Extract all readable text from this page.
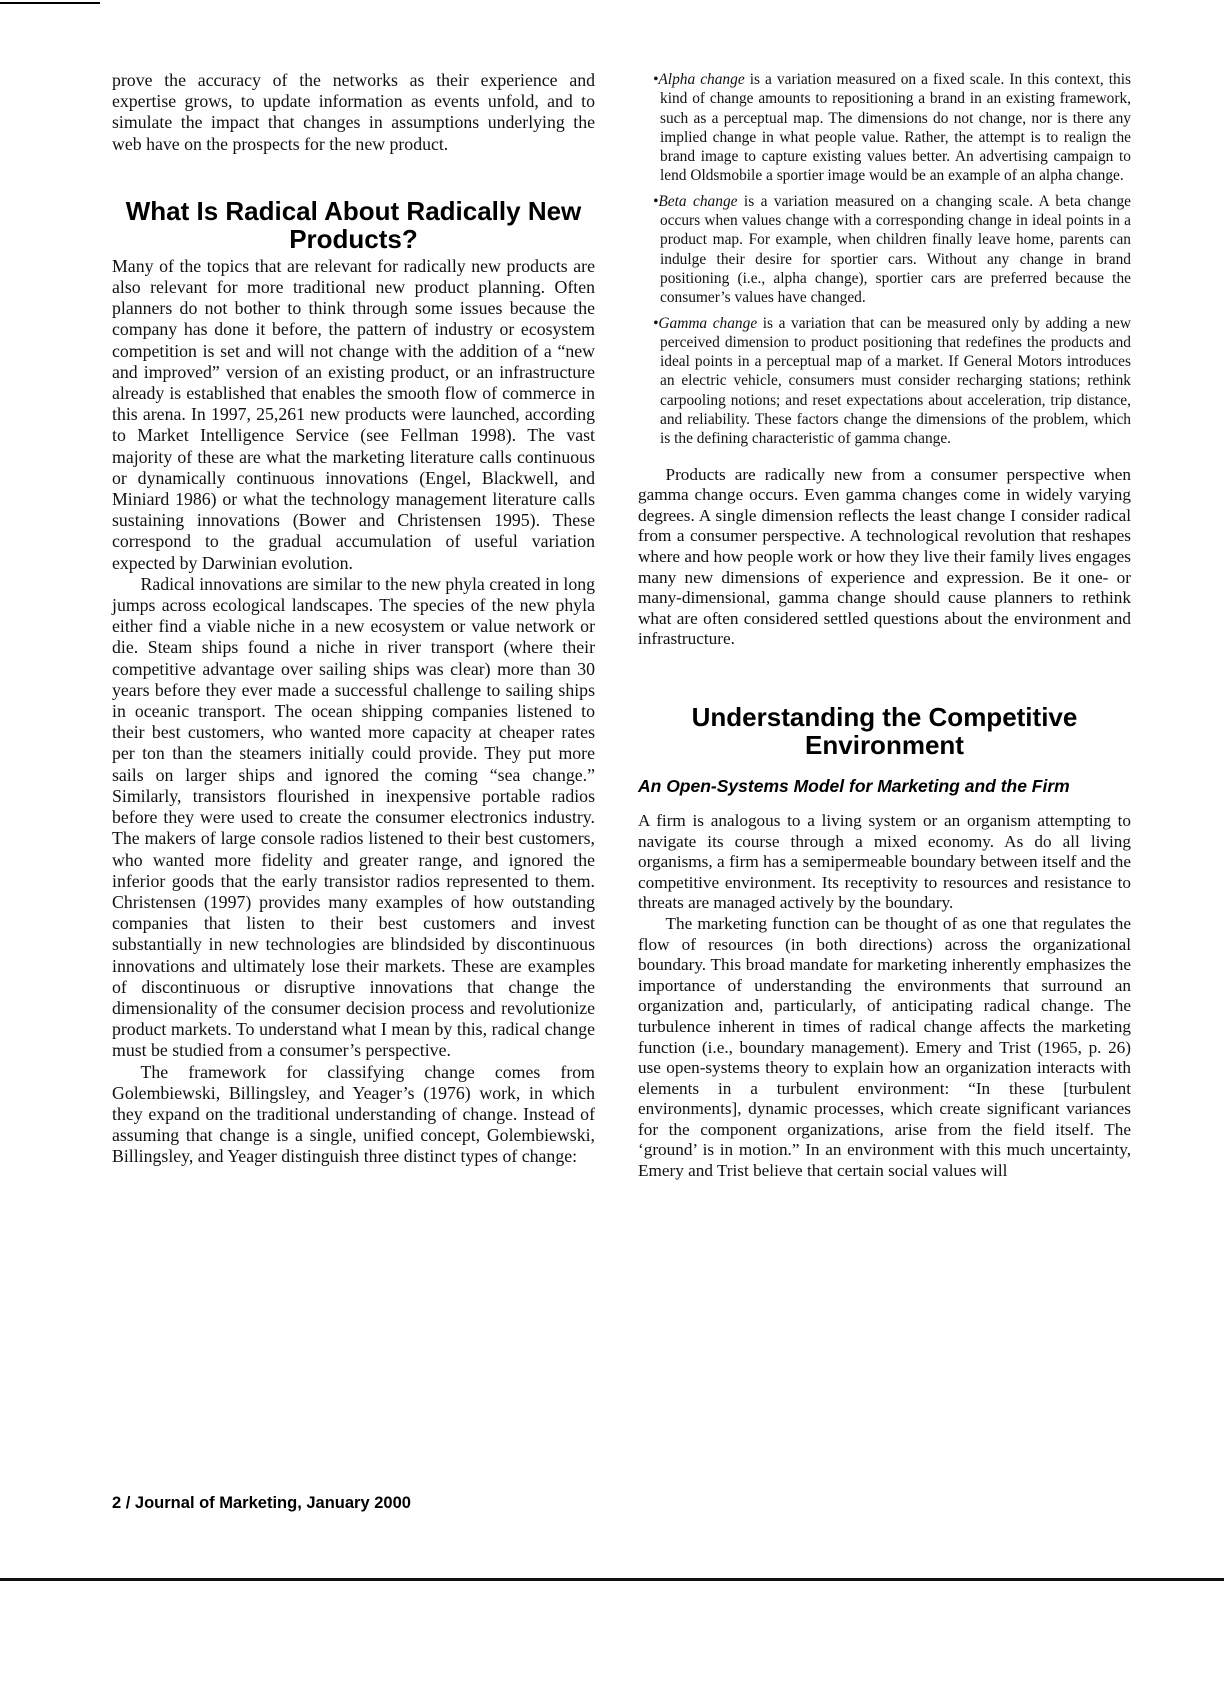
prove the accuracy of the networks as their experience and expertise grows, to update information as events unfold, and to simulate the impact that changes in assumptions underlying the web have on the prospects for the new product.

What Is Radical About Radically New Products?

Many of the topics that are relevant for radically new products are also relevant for more traditional new product planning. Often planners do not bother to think through some issues because the company has done it before, the pattern of industry or ecosystem competition is set and will not change with the addition of a “new and improved” version of an existing product, or an infrastructure already is established that enables the smooth flow of commerce in this arena. In 1997, 25,261 new products were launched, according to Market Intelligence Service (see Fellman 1998). The vast majority of these are what the marketing literature calls continuous or dynamically continuous innovations (Engel, Blackwell, and Miniard 1986) or what the technology management literature calls sustaining innovations (Bower and Christensen 1995). These correspond to the gradual accumulation of useful variation expected by Darwinian evolution.

Radical innovations are similar to the new phyla created in long jumps across ecological landscapes. The species of the new phyla either find a viable niche in a new ecosystem or value network or die. Steam ships found a niche in river transport (where their competitive advantage over sailing ships was clear) more than 30 years before they ever made a successful challenge to sailing ships in oceanic transport. The ocean shipping companies listened to their best customers, who wanted more capacity at cheaper rates per ton than the steamers initially could provide. They put more sails on larger ships and ignored the coming “sea change.” Similarly, transistors flourished in inexpensive portable radios before they were used to create the consumer electronics industry. The makers of large console radios listened to their best customers, who wanted more fidelity and greater range, and ignored the inferior goods that the early transistor radios represented to them. Christensen (1997) provides many examples of how outstanding companies that listen to their best customers and invest substantially in new technologies are blindsided by discontinuous innovations and ultimately lose their markets. These are examples of discontinuous or disruptive innovations that change the dimensionality of the consumer decision process and revolutionize product markets. To understand what I mean by this, radical change must be studied from a consumer’s perspective.

The framework for classifying change comes from Golembiewski, Billingsley, and Yeager’s (1976) work, in which they expand on the traditional understanding of change. Instead of assuming that change is a single, unified concept, Golembiewski, Billingsley, and Yeager distinguish three distinct types of change:

•Alpha change is a variation measured on a fixed scale. In this context, this kind of change amounts to repositioning a brand in an existing framework, such as a perceptual map. The dimensions do not change, nor is there any implied change in what people value. Rather, the attempt is to realign the brand image to capture existing values better. An advertising campaign to lend Oldsmobile a sportier image would be an example of an alpha change.
•Beta change is a variation measured on a changing scale. A beta change occurs when values change with a corresponding change in ideal points in a product map. For example, when children finally leave home, parents can indulge their desire for sportier cars. Without any change in brand positioning (i.e., alpha change), sportier cars are preferred because the consumer’s values have changed.
•Gamma change is a variation that can be measured only by adding a new perceived dimension to product positioning that redefines the products and ideal points in a perceptual map of a market. If General Motors introduces an electric vehicle, consumers must consider recharging stations; rethink carpooling notions; and reset expectations about acceleration, trip distance, and reliability. These factors change the dimensions of the problem, which is the defining characteristic of gamma change.

Products are radically new from a consumer perspective when gamma change occurs. Even gamma changes come in widely varying degrees. A single dimension reflects the least change I consider radical from a consumer perspective. A technological revolution that reshapes where and how people work or how they live their family lives engages many new dimensions of experience and expression. Be it one- or many-dimensional, gamma change should cause planners to rethink what are often considered settled questions about the environment and infrastructure.

Understanding the Competitive Environment
An Open-Systems Model for Marketing and the Firm

A firm is analogous to a living system or an organism attempting to navigate its course through a mixed economy. As do all living organisms, a firm has a semipermeable boundary between itself and the competitive environment. Its receptivity to resources and resistance to threats are managed actively by the boundary.

The marketing function can be thought of as one that regulates the flow of resources (in both directions) across the organizational boundary. This broad mandate for marketing inherently emphasizes the importance of understanding the environments that surround an organization and, particularly, of anticipating radical change. The turbulence inherent in times of radical change affects the marketing function (i.e., boundary management). Emery and Trist (1965, p. 26) use open-systems theory to explain how an organization interacts with elements in a turbulent environment: “In these [turbulent environments], dynamic processes, which create significant variances for the component organizations, arise from the field itself. The ‘ground’ is in motion.” In an environment with this much uncertainty, Emery and Trist believe that certain social values will

2 / Journal of Marketing, January 2000
